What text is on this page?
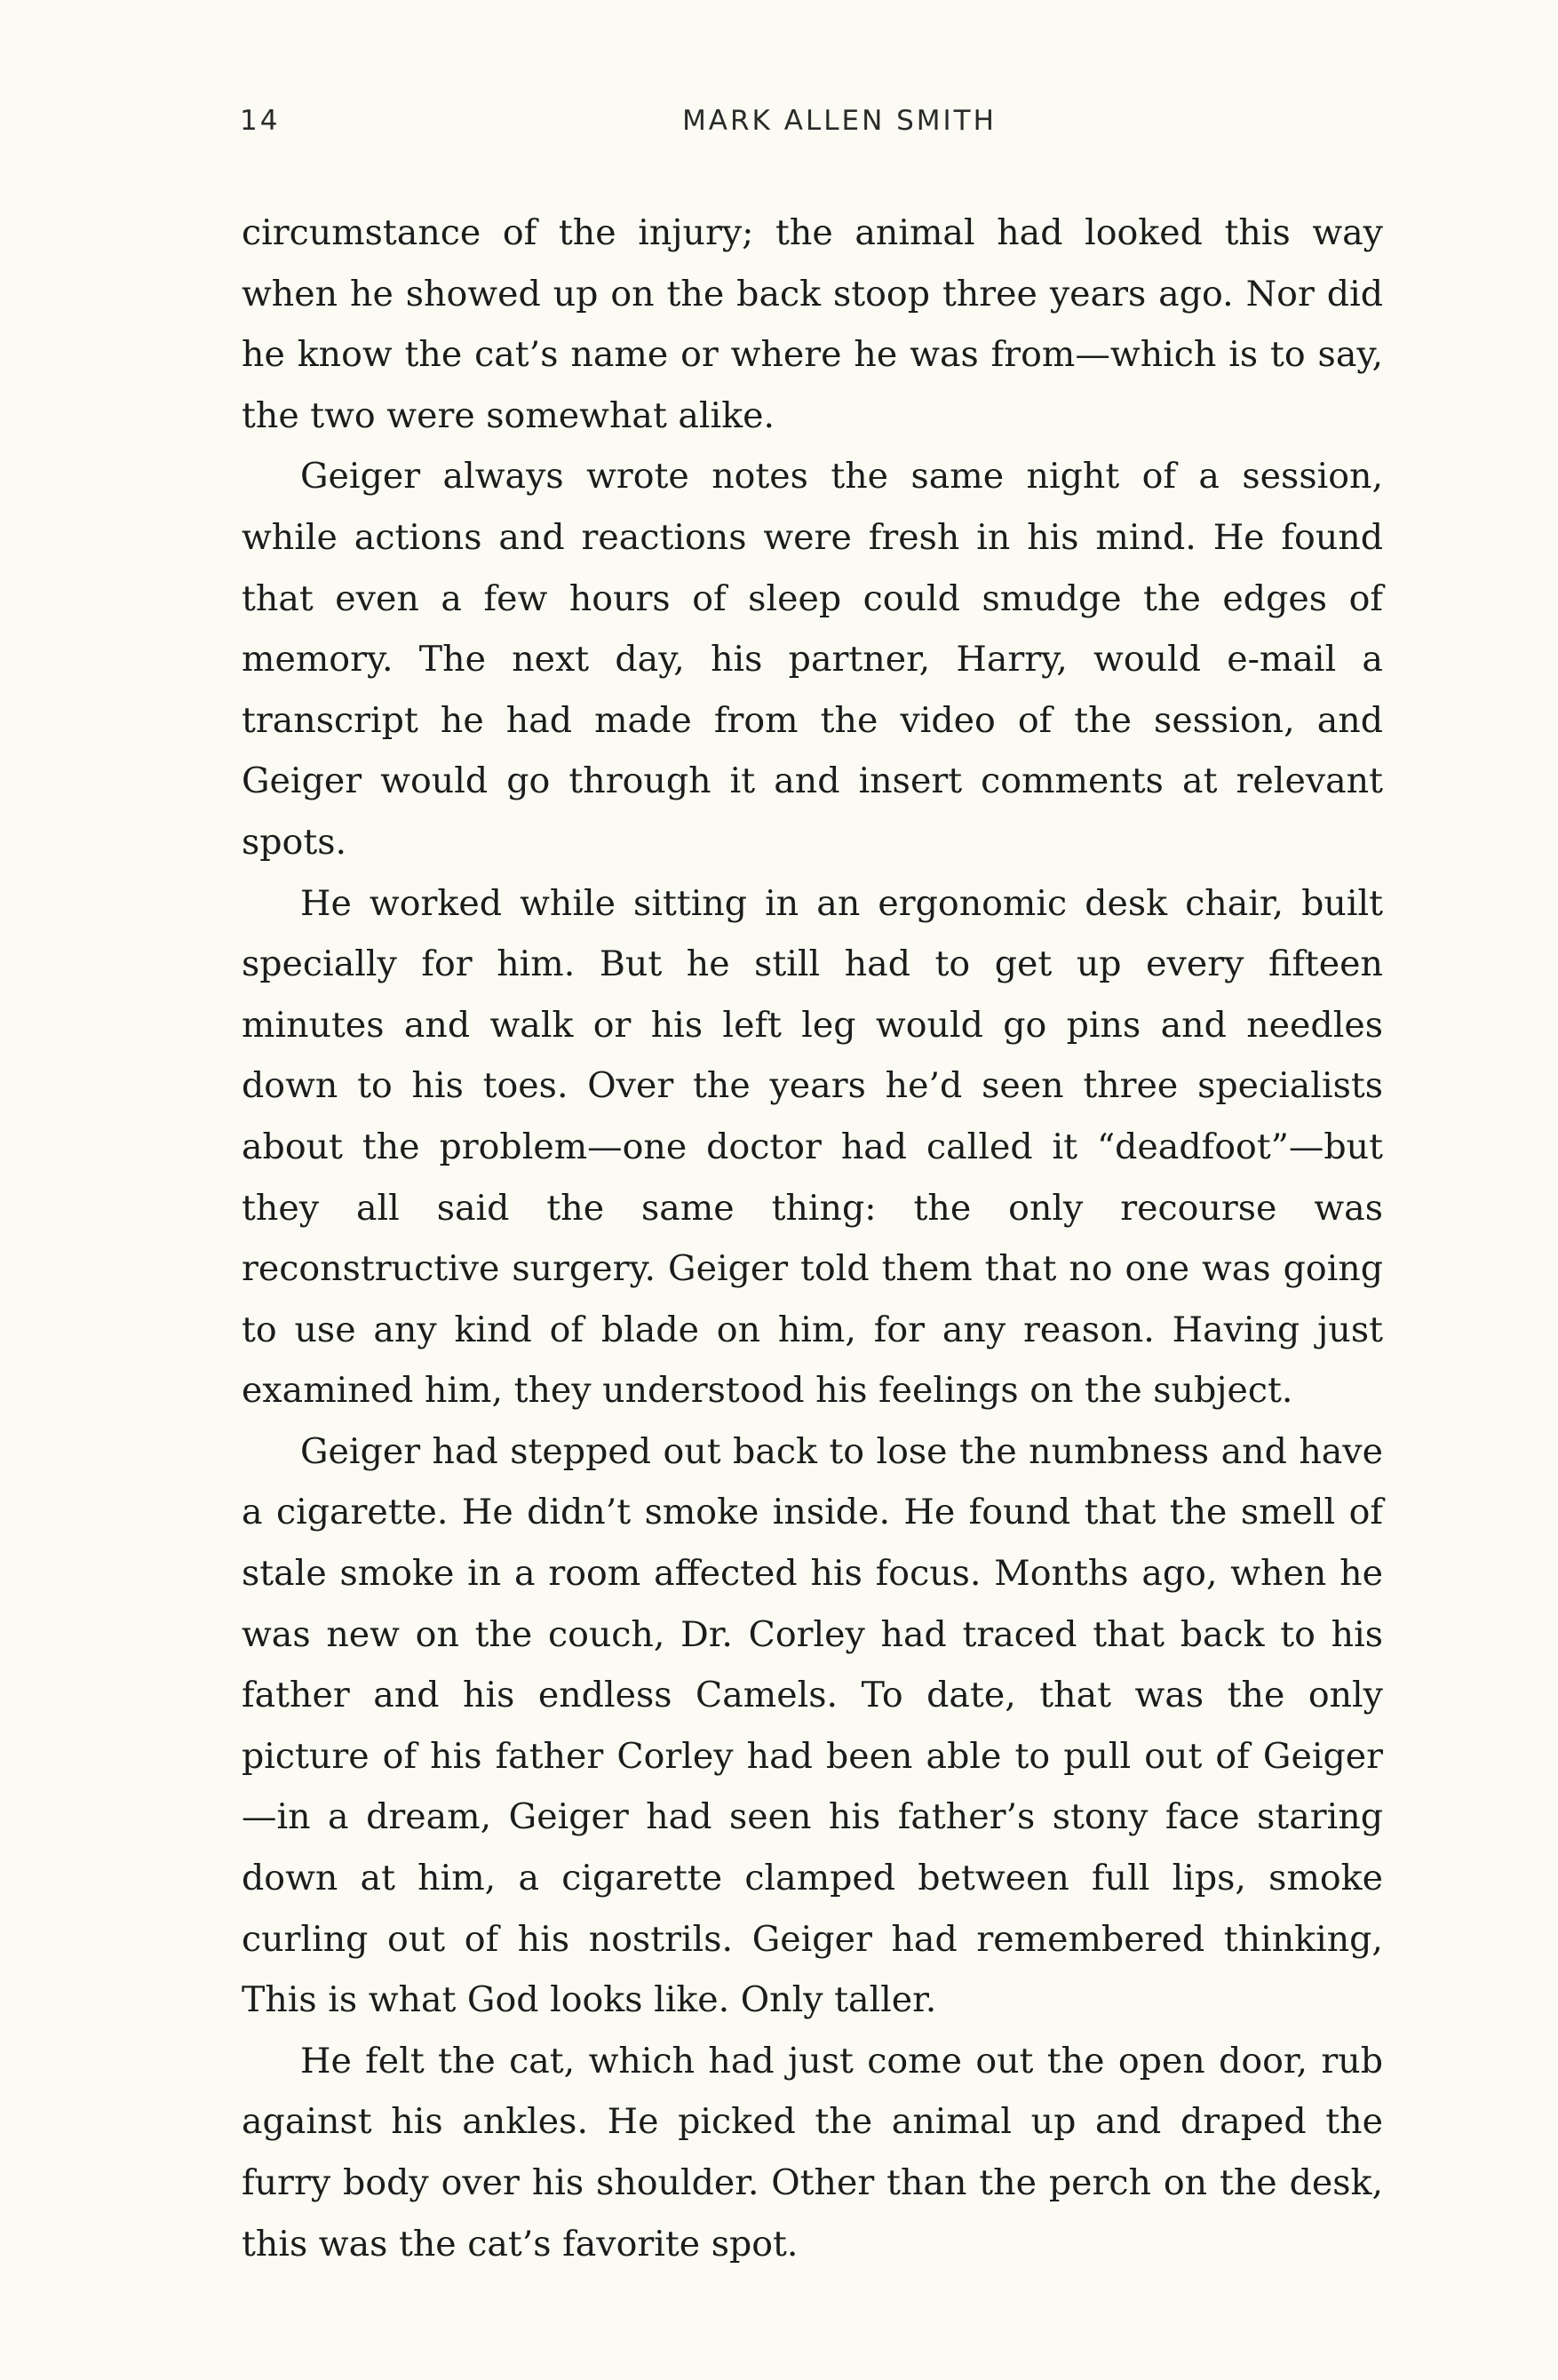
14	MARK ALLEN SMITH

circumstance of the injury; the animal had looked this way when he showed up on the back stoop three years ago. Nor did he know the cat’s name or where he was from—which is to say, the two were somewhat alike.

Geiger always wrote notes the same night of a session, while actions and reactions were fresh in his mind. He found that even a few hours of sleep could smudge the edges of memory. The next day, his partner, Harry, would e-mail a transcript he had made from the video of the session, and Geiger would go through it and insert comments at relevant spots.

He worked while sitting in an ergonomic desk chair, built specially for him. But he still had to get up every fifteen minutes and walk or his left leg would go pins and needles down to his toes. Over the years he’d seen three specialists about the problem—one doctor had called it “deadfoot”—but they all said the same thing: the only recourse was reconstructive surgery. Geiger told them that no one was going to use any kind of blade on him, for any reason. Having just examined him, they understood his feelings on the subject.

Geiger had stepped out back to lose the numbness and have a cigarette. He didn’t smoke inside. He found that the smell of stale smoke in a room affected his focus. Months ago, when he was new on the couch, Dr. Corley had traced that back to his father and his endless Camels. To date, that was the only picture of his father Corley had been able to pull out of Geiger—in a dream, Geiger had seen his father’s stony face staring down at him, a cigarette clamped between full lips, smoke curling out of his nostrils. Geiger had remembered thinking, This is what God looks like. Only taller.

He felt the cat, which had just come out the open door, rub against his ankles. He picked the animal up and draped the furry body over his shoulder. Other than the perch on the desk, this was the cat’s favorite spot.
